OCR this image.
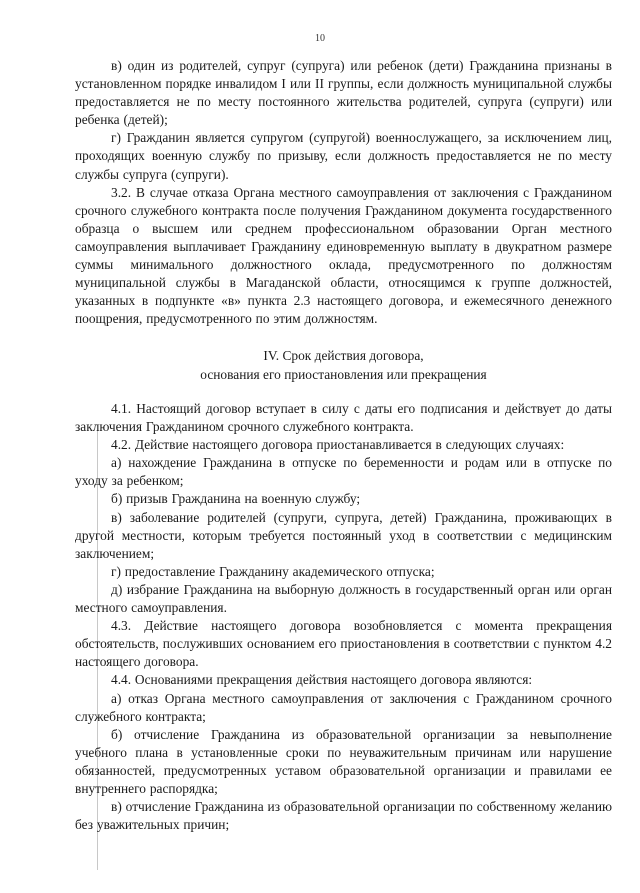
10

в) один из родителей, супруг (супруга) или ребенок (дети) Гражданина признаны в установленном порядке инвалидом I или II группы, если должность муниципальной службы предоставляется не по месту постоянного жительства родителей, супруга (супруги) или ребенка (детей);

г) Гражданин является супругом (супругой) военнослужащего, за исключением лиц, проходящих военную службу по призыву, если должность предоставляется не по месту службы супруга (супруги).

3.2. В случае отказа Органа местного самоуправления от заключения с Гражданином срочного служебного контракта после получения Гражданином документа государственного образца о высшем или среднем профессиональном образовании Орган местного самоуправления выплачивает Гражданину единовременную выплату в двукратном размере суммы минимального должностного оклада, предусмотренного по должностям муниципальной службы в Магаданской области, относящимся к группе должностей, указанных в подпункте «в» пункта 2.3 настоящего договора, и ежемесячного денежного поощрения, предусмотренного по этим должностям.

IV. Срок действия договора,
основания его приостановления или прекращения

4.1. Настоящий договор вступает в силу с даты его подписания и действует до даты заключения Гражданином срочного служебного контракта.

4.2. Действие настоящего договора приостанавливается в следующих случаях:

а) нахождение Гражданина в отпуске по беременности и родам или в отпуске по уходу за ребенком;

б) призыв Гражданина на военную службу;

в) заболевание родителей (супруги, супруга, детей) Гражданина, проживающих в другой местности, которым требуется постоянный уход в соответствии с медицинским заключением;

г) предоставление Гражданину академического отпуска;

д) избрание Гражданина на выборную должность в государственный орган или орган местного самоуправления.

4.3. Действие настоящего договора возобновляется с момента прекращения обстоятельств, послуживших основанием его приостановления в соответствии с пунктом 4.2 настоящего договора.

4.4. Основаниями прекращения действия настоящего договора являются:

а) отказ Органа местного самоуправления от заключения с Гражданином срочного служебного контракта;

б) отчисление Гражданина из образовательной организации за невыполнение учебного плана в установленные сроки по неуважительным причинам или нарушение обязанностей, предусмотренных уставом образовательной организации и правилами ее внутреннего распорядка;

в) отчисление Гражданина из образовательной организации по собственному желанию без уважительных причин;
